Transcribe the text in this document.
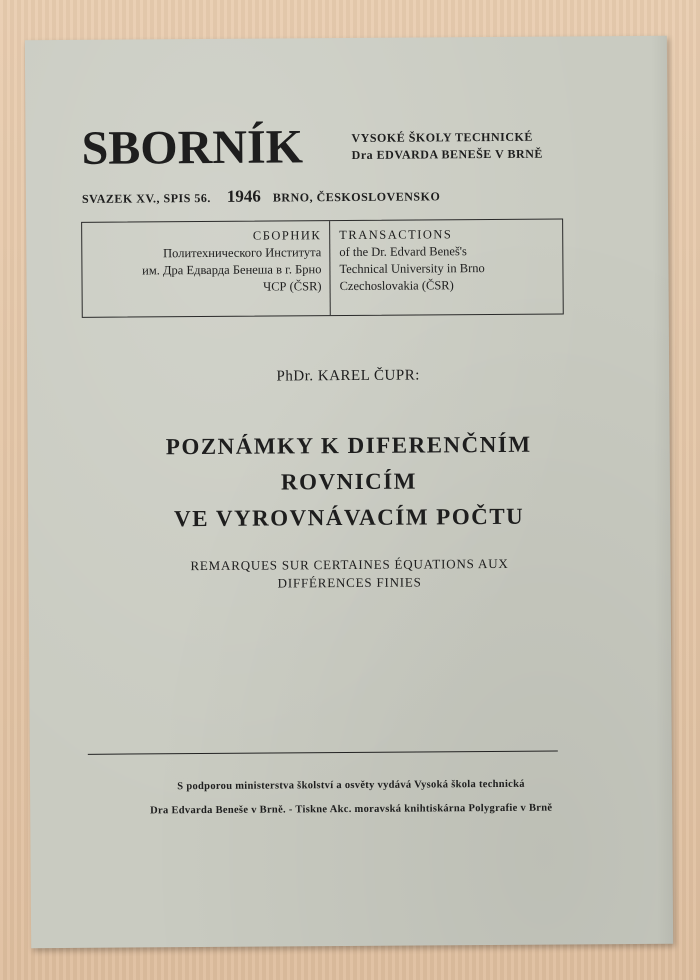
SBORNÍK	VYSOKÉ ŠKOLY TECHNICKÉ
Dra EDVARDA BENEŠE V BRNĚ
SVAZEK XV., SPIS 56. 1946 BRNO, ČESKOSLOVENSKO
СБОРНИК
Политехнического Института
им. Дра Едварда Бенеша в г. Брно
ЧСР (ČSR)
TRANSACTIONS
of the Dr. Edvard Beneš's
Technical University in Brno
Czechoslovakia (ČSR)
PhDr. KAREL ČUPR:
POZNÁMKY K DIFERENČNÍM
ROVNICÍM
VE VYROVNÁVACÍM POČTU
REMARQUES SUR CERTAINES ÉQUATIONS AUX
DIFFÉRENCES FINIES
S podporou ministerstva školství a osvěty vydává Vysoká škola technická
Dra Edvarda Beneše v Brně. - Tiskne Akc. moravská knihtiskárna Polygrafie v Brně
